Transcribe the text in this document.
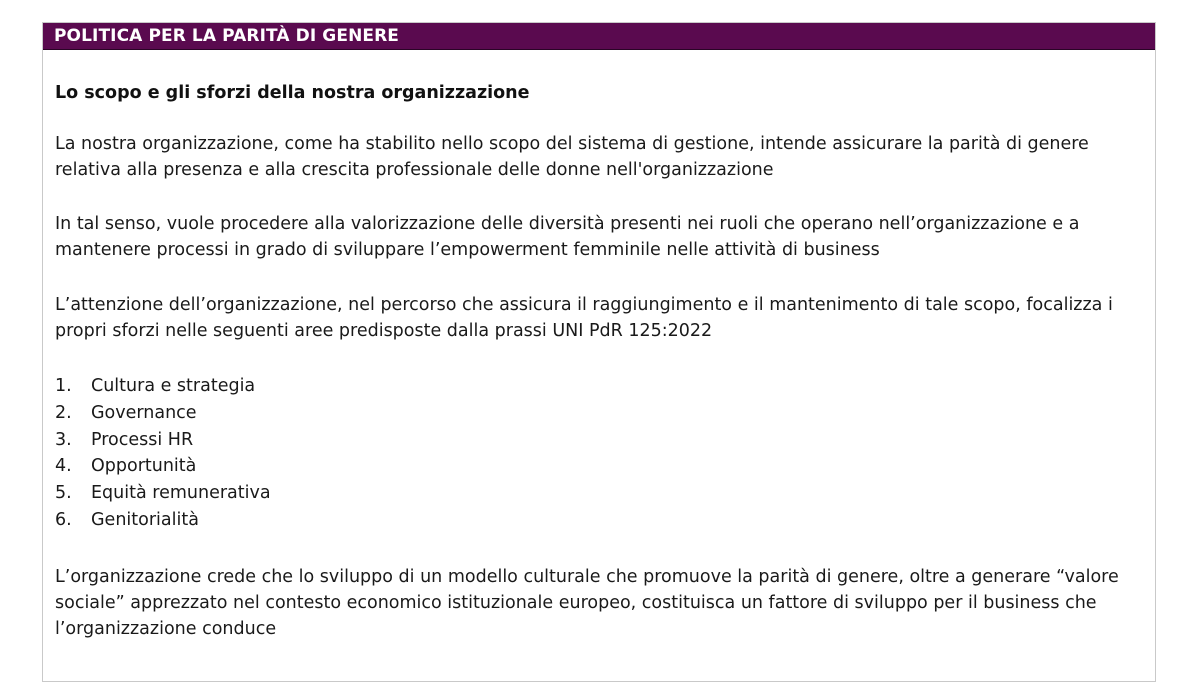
POLITICA PER LA PARITÀ DI GENERE
Lo scopo e gli sforzi della nostra organizzazione

La nostra organizzazione, come ha stabilito nello scopo del sistema di gestione, intende assicurare la parità di genere relativa alla presenza e alla crescita professionale delle donne nell'organizzazione

In tal senso, vuole procedere alla valorizzazione delle diversità presenti nei ruoli che operano nell’organizzazione e a mantenere processi in grado di sviluppare l’empowerment femminile nelle attività di business

L’attenzione dell’organizzazione, nel percorso che assicura il raggiungimento e il mantenimento di tale scopo, focalizza i propri sforzi nelle seguenti aree predisposte dalla prassi UNI PdR 125:2022

1.	Cultura e strategia
2.	Governance
3.	Processi HR
4.	Opportunità
5.	Equità remunerativa
6.	Genitorialità

L’organizzazione crede che lo sviluppo di un modello culturale che promuove la parità di genere, oltre a generare “valore sociale” apprezzato nel contesto economico istituzionale europeo, costituisca un fattore di sviluppo per il business che l’organizzazione conduce
